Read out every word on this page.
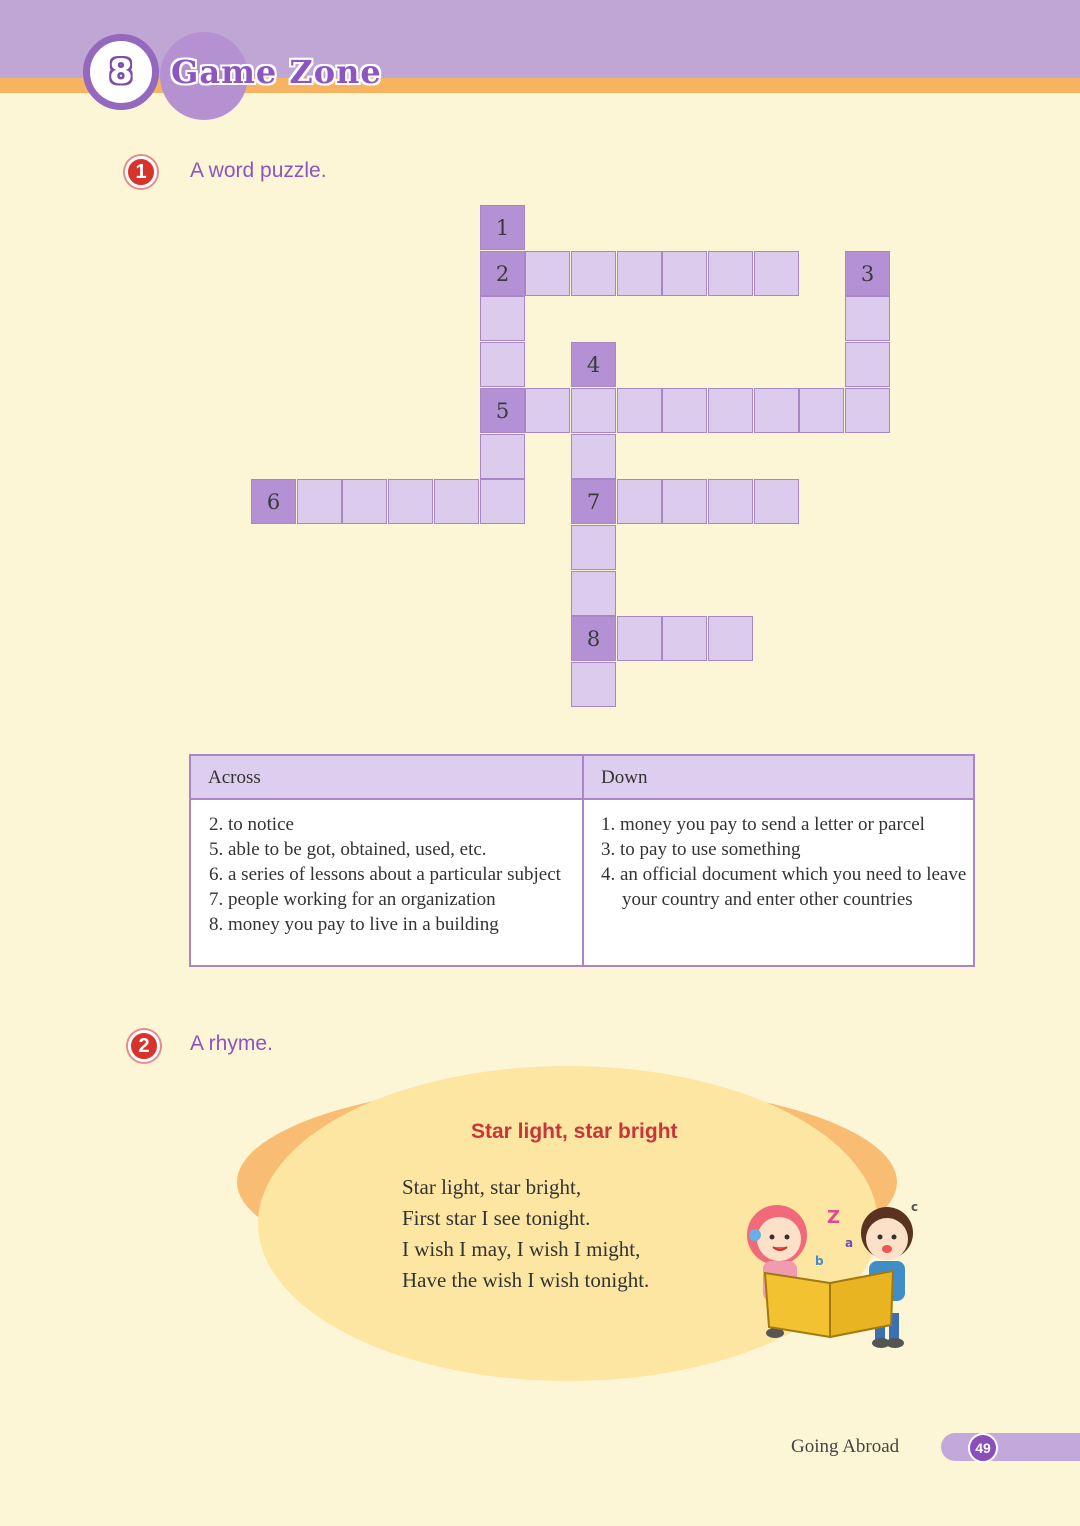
8 Game Zone
1	A word puzzle.
1
2	3
4
5
6	7
8
Across	Down
2. to notice
5. able to be got, obtained, used, etc.
6. a series of lessons about a particular subject
7. people working for an organization
8. money you pay to live in a building
1. money you pay to send a letter or parcel
3. to pay to use something
4. an official document which you need to leave your country and enter other countries
2	A rhyme.
Star light, star bright
Star light, star bright,
First star I see tonight.
I wish I may, I wish I might,
Have the wish I wish tonight.
Z
a
c
b
Going Abroad	49
